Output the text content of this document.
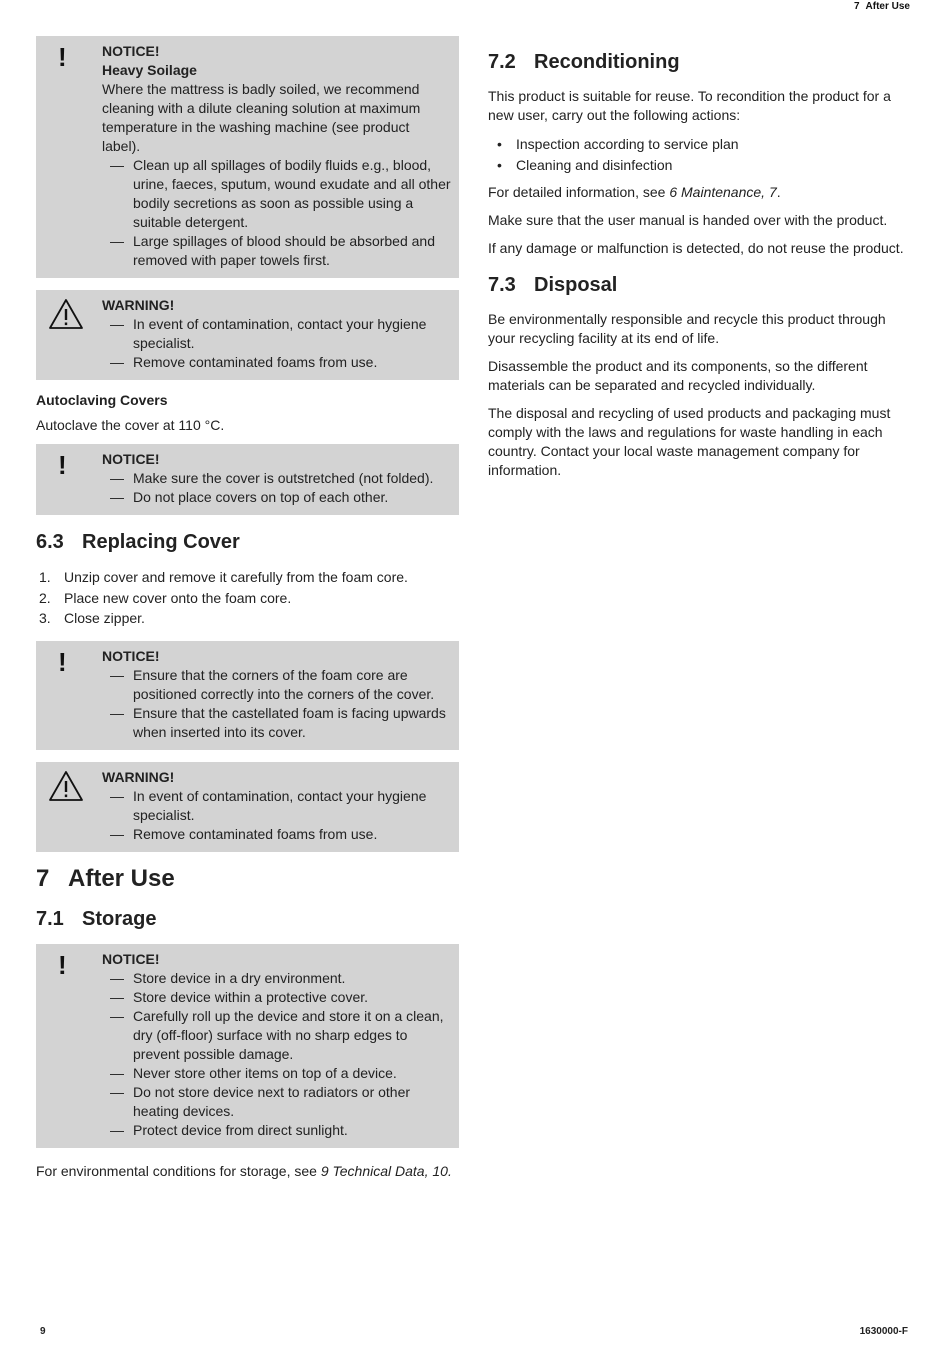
7 After Use
!	NOTICE!
Heavy Soilage
Where the mattress is badly soiled, we recommend cleaning with a dilute cleaning solution at maximum temperature in the washing machine (see product label).
— Clean up all spillages of bodily fluids e.g., blood, urine, faeces, sputum, wound exudate and all other bodily secretions as soon as possible using a suitable detergent.
— Large spillages of blood should be absorbed and removed with paper towels first.
WARNING!
— In event of contamination, contact your hygiene specialist.
— Remove contaminated foams from use.
Autoclaving Covers

Autoclave the cover at 110 °C.

!	NOTICE!
— Make sure the cover is outstretched (not folded).
— Do not place covers on top of each other.
6.3 Replacing Cover
1. Unzip cover and remove it carefully from the foam core.
2. Place new cover onto the foam core.
3. Close zipper.
!	NOTICE!
— Ensure that the corners of the foam core are positioned correctly into the corners of the cover.
— Ensure that the castellated foam is facing upwards when inserted into its cover.
WARNING!
— In event of contamination, contact your hygiene specialist.
— Remove contaminated foams from use.
7 After Use
7.1 Storage
!	NOTICE!
— Store device in a dry environment.
— Store device within a protective cover.
— Carefully roll up the device and store it on a clean, dry (off-floor) surface with no sharp edges to prevent possible damage.
— Never store other items on top of a device.
— Do not store device next to radiators or other heating devices.
— Protect device from direct sunlight.

For environmental conditions for storage, see 9 Technical Data, 10.

7.2 Reconditioning

This product is suitable for reuse. To recondition the product for a new user, carry out the following actions:

• Inspection according to service plan
• Cleaning and disinfection

For detailed information, see 6 Maintenance, 7.

Make sure that the user manual is handed over with the product.

If any damage or malfunction is detected, do not reuse the product.

7.3 Disposal

Be environmentally responsible and recycle this product through your recycling facility at its end of life.

Disassemble the product and its components, so the different materials can be separated and recycled individually.

The disposal and recycling of used products and packaging must comply with the laws and regulations for waste handling in each country. Contact your local waste management company for information.

9	1630000-F
